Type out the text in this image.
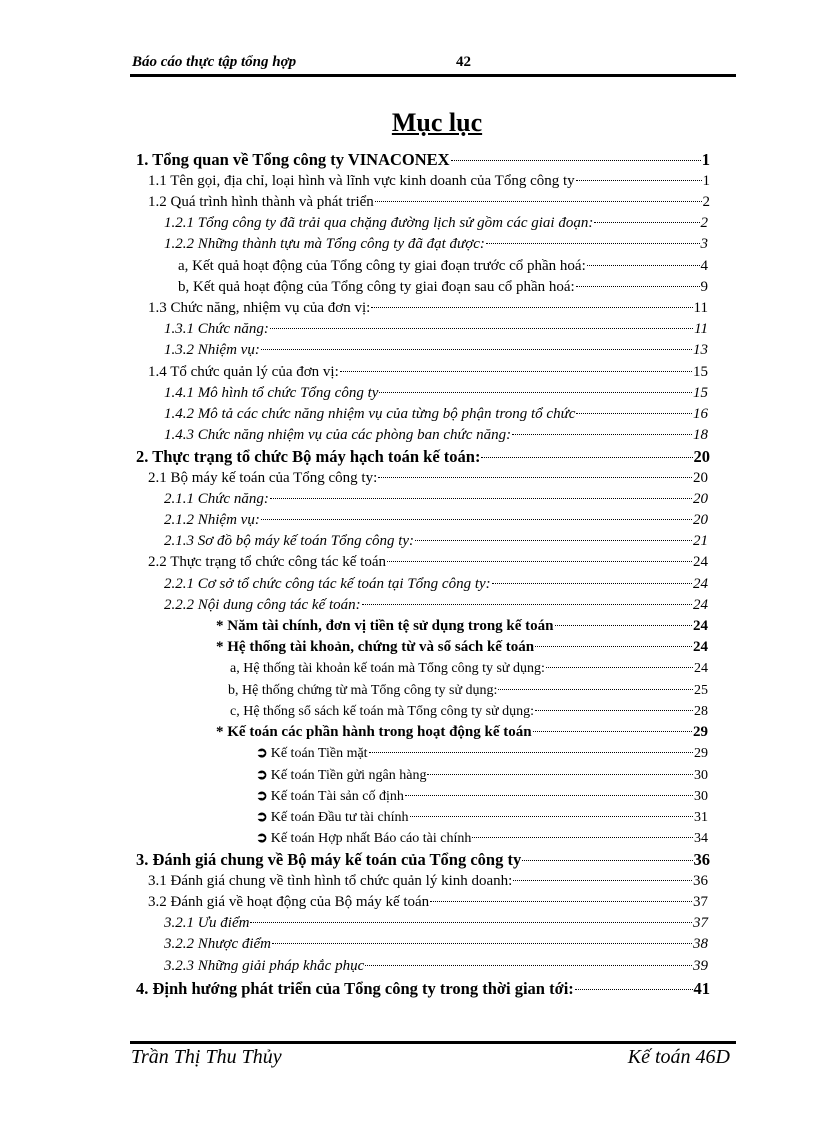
Báo cáo thực tập tổng hợp	42
Mục lục
1. Tổng quan về Tổng công ty VINACONEX	1
1.1 Tên gọi, địa chỉ, loại hình và lĩnh vực kinh doanh của Tổng công ty	1
1.2 Quá trình hình thành và phát triển	2
1.2.1 Tổng công ty đã trải qua chặng đường lịch sử gồm các giai đoạn:	2
1.2.2 Những thành tựu mà Tổng công ty đã đạt được:	3
a, Kết quả hoạt động của Tổng công ty giai đoạn trước cổ phần hoá:	4
b, Kết quả hoạt động của Tổng công ty giai đoạn sau cổ phần hoá:	9
1.3 Chức năng, nhiệm vụ của đơn vị:	11
1.3.1 Chức năng:	11
1.3.2 Nhiệm vụ:	13
1.4 Tổ chức quản lý của đơn vị:	15
1.4.1 Mô hình tổ chức Tổng công ty	15
1.4.2 Mô tả các chức năng nhiệm vụ của từng bộ phận trong tổ chức	16
1.4.3 Chức năng nhiệm vụ của các phòng ban chức năng:	18
2. Thực trạng tổ chức Bộ máy hạch toán kế toán:	20
2.1 Bộ máy kế toán của Tổng công ty:	20
2.1.1 Chức năng:	20
2.1.2 Nhiệm vụ:	20
2.1.3 Sơ đồ bộ máy kế toán Tổng công ty:	21
2.2 Thực trạng tổ chức công tác kế toán	24
2.2.1 Cơ sở tổ chức công tác kế toán tại Tổng công ty:	24
2.2.2 Nội dung công tác kế toán:	24
* Năm tài chính, đơn vị tiền tệ sử dụng trong kế toán	24
* Hệ thống tài khoản, chứng từ và sổ sách kế toán	24
a, Hệ thống tài khoản kế toán mà Tổng công ty sử dụng:	24
b, Hệ thống chứng từ mà Tổng công ty sử dụng:	25
c, Hệ thống sổ sách kế toán mà Tổng công ty sử dụng:	28
* Kế toán các phần hành trong hoạt động kế toán	29
➲ Kế toán Tiền mặt	29
➲ Kế toán Tiền gửi ngân hàng	30
➲ Kế toán Tài sản cố định	30
➲ Kế toán Đầu tư tài chính	31
➲ Kế toán Hợp nhất Báo cáo tài chính	34
3. Đánh giá chung về Bộ máy kế toán của Tổng công ty	36
3.1 Đánh giá chung về tình hình tổ chức quản lý kinh doanh:	36
3.2 Đánh giá về hoạt động của Bộ máy kế toán	37
3.2.1 Ưu điểm	37
3.2.2 Nhược điểm	38
3.2.3 Những giải pháp khắc phục	39
4. Định hướng phát triển của Tổng công ty trong thời gian tới:	41
Trần Thị Thu Thủy	Kế toán 46D
